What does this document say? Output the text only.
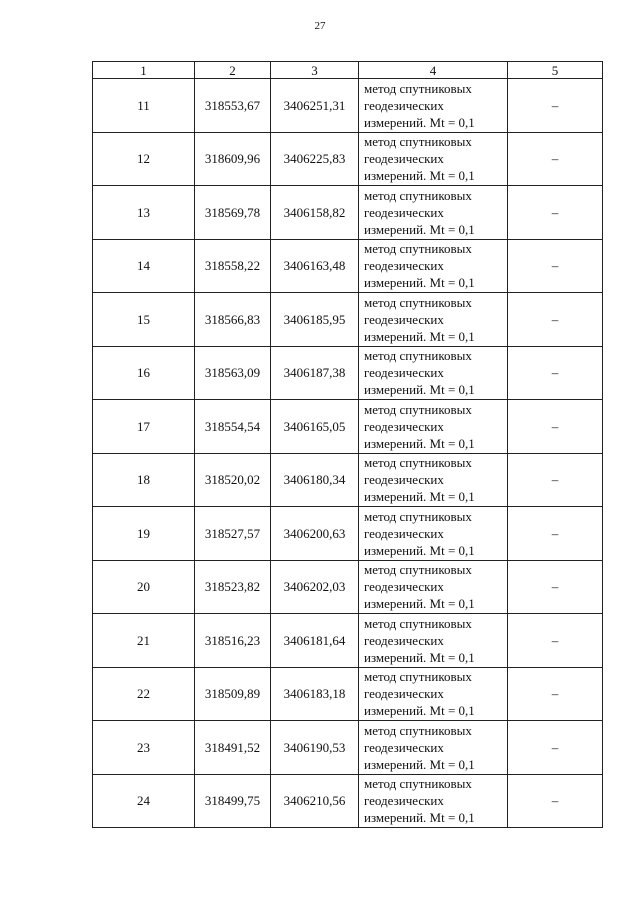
27
1	2	3	4	5
11	318553,67	3406251,31	метод спутниковых
геодезических
измерений. Mt = 0,1	–
12	318609,96	3406225,83	метод спутниковых
геодезических
измерений. Mt = 0,1	–
13	318569,78	3406158,82	метод спутниковых
геодезических
измерений. Mt = 0,1	–
14	318558,22	3406163,48	метод спутниковых
геодезических
измерений. Mt = 0,1	–
15	318566,83	3406185,95	метод спутниковых
геодезических
измерений. Mt = 0,1	–
16	318563,09	3406187,38	метод спутниковых
геодезических
измерений. Mt = 0,1	–
17	318554,54	3406165,05	метод спутниковых
геодезических
измерений. Mt = 0,1	–
18	318520,02	3406180,34	метод спутниковых
геодезических
измерений. Mt = 0,1	–
19	318527,57	3406200,63	метод спутниковых
геодезических
измерений. Mt = 0,1	–
20	318523,82	3406202,03	метод спутниковых
геодезических
измерений. Mt = 0,1	–
21	318516,23	3406181,64	метод спутниковых
геодезических
измерений. Mt = 0,1	–
22	318509,89	3406183,18	метод спутниковых
геодезических
измерений. Mt = 0,1	–
23	318491,52	3406190,53	метод спутниковых
геодезических
измерений. Mt = 0,1	–
24	318499,75	3406210,56	метод спутниковых
геодезических
измерений. Mt = 0,1	–
